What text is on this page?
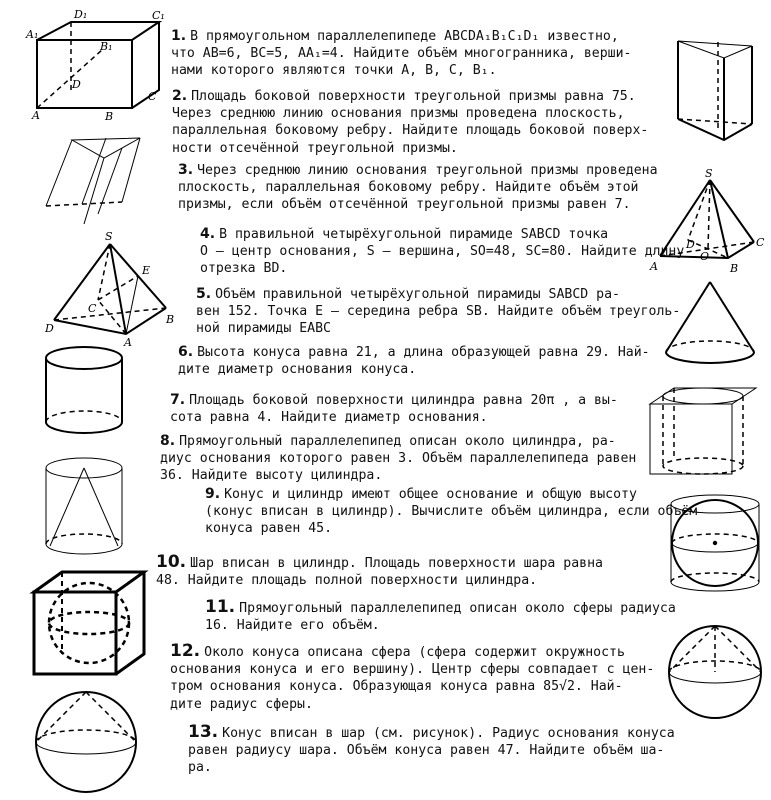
1. В прямоугольном параллелепипеде ABCDA₁B₁C₁D₁ известно,

что AB=6, BC=5, AA₁=4. Найдите объём многогранника, верши-

нами которого являются точки A, B, C, B₁.

2. Площадь боковой поверхности треугольной призмы равна 75.

Через среднюю линию основания призмы проведена плоскость,

параллельная боковому ребру. Найдите площадь боковой поверх-

ности отсечённой треугольной призмы.

3. Через среднюю линию основания треугольной призмы проведена

плоскость, параллельная боковому ребру. Найдите объём этой

призмы, если объём отсечённой треугольной призмы равен 7.

4. В правильной четырёхугольной пирамиде SABCD точка

O – центр основания, S – вершина, SO=48, SC=80. Найдите длину

отрезка BD.

5. Объём правильной четырёхугольной пирамиды SABCD ра-

вен 152. Точка E – середина ребра SB. Найдите объём треуголь-

ной пирамиды EABC

6. Высота конуса равна 21, а длина образующей равна 29. Най-

дите диаметр основания конуса.

7. Площадь боковой поверхности цилиндра равна 20π , а вы-

сота равна 4. Найдите диаметр основания.

8. Прямоугольный параллелепипед описан около цилиндра, ра-

диус основания которого равен 3. Объём параллелепипеда равен

36. Найдите высоту цилиндра.

9. Конус и цилиндр имеют общее основание и общую высоту

(конус вписан в цилиндр). Вычислите объём цилиндра, если объём

конуса равен 45.

10. Шар вписан в цилиндр. Площадь поверхности шара равна

48. Найдите площадь полной поверхности цилиндра.

11. Прямоугольный параллелепипед описан около сферы радиуса

16. Найдите его объём.

12. Около конуса описана сфера (сфера содержит окружность

основания конуса и его вершину). Центр сферы совпадает с цен-

тром основания конуса. Образующая конуса равна 85√2. Най-

дите радиус сферы.

13. Конус вписан в шар (см. рисунок). Радиус основания конуса

равен радиусу шара. Объём конуса равен 47. Найдите объём ша-

ра.

A₁
D₁	C₁
B₁
D
A	B
C
S
A	B
C
D
O
S
E
C
D
A
B
